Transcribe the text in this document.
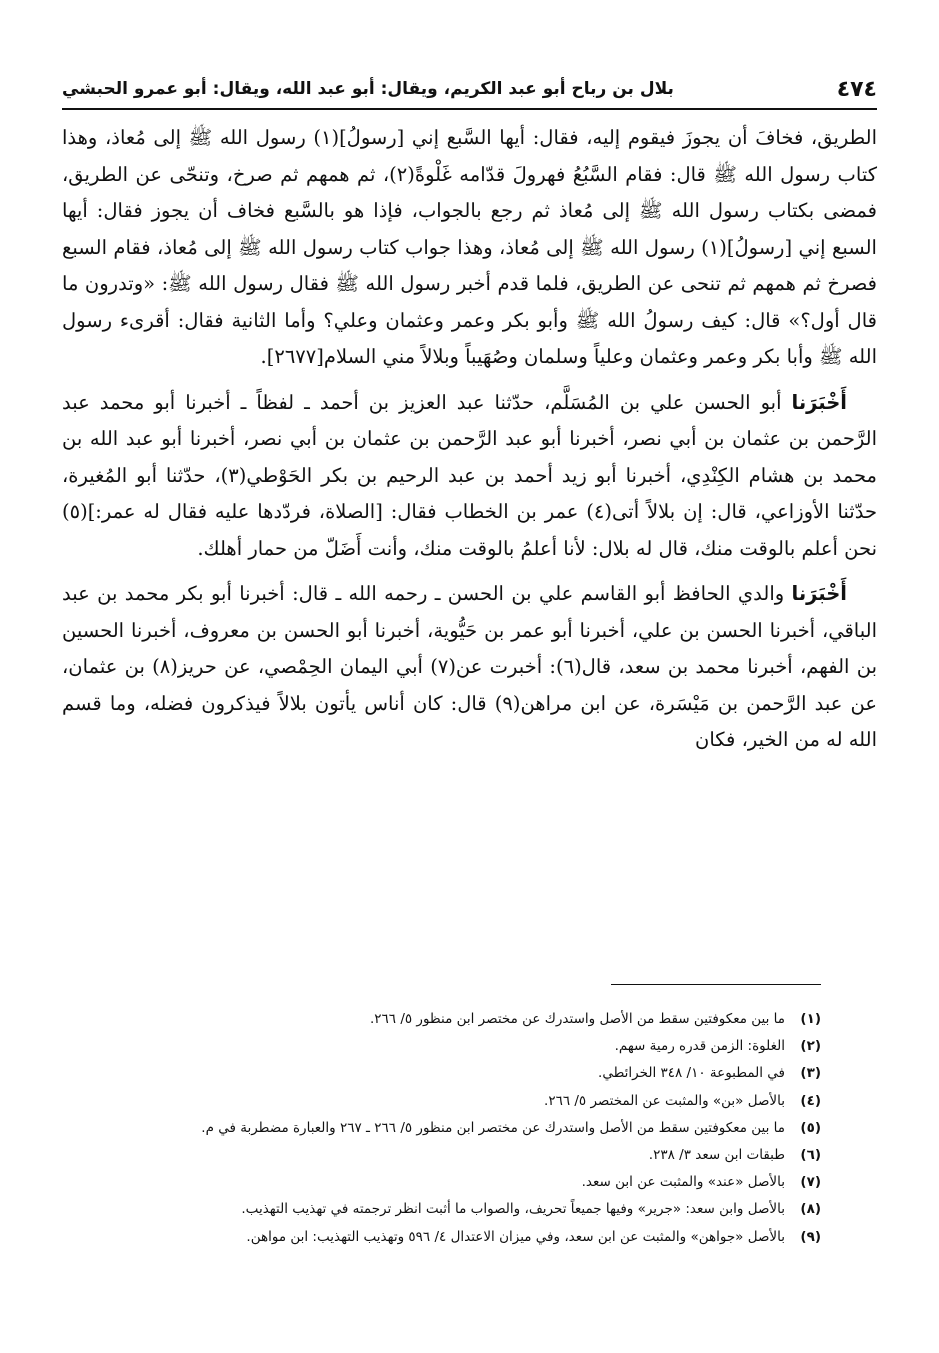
٤٧٤
بلال بن رباح أبو عبد الكريم، ويقال: أبو عبد الله، ويقال: أبو عمرو الحبشي

الطريق، فخافَ أن يجوزَ فيقوم إليه، فقال: أيها السَّبع إني [رسولُ](١) رسول الله ﷺ إلى مُعاذ، وهذا كتاب رسول الله ﷺ قال: فقام السَّبُعُ فهرولَ قدّامه غَلْوةً(٢)، ثم همهم ثم صرخ، وتنحّى عن الطريق، فمضى بكتاب رسول الله ﷺ إلى مُعاذ ثم رجع بالجواب، فإذا هو بالسَّبع فخاف أن يجوز فقال: أيها السبع إني [رسولُ](١) رسول الله ﷺ إلى مُعاذ، وهذا جواب كتاب رسول الله ﷺ إلى مُعاذ، فقام السبع فصرخ ثم همهم ثم تنحى عن الطريق، فلما قدم أخبر رسول الله ﷺ فقال رسول الله ﷺ: «وتدرون ما قال أول؟» قال: كيف رسولُ الله ﷺ وأبو بكر وعمر وعثمان وعلي؟ وأما الثانية فقال: أقرىء رسول الله ﷺ وأبا بكر وعمر وعثمان وعلياً وسلمان وصُهَيباً وبلالاً مني السلام[٢٦٧٧].

أَخْبَرَنا أبو الحسن علي بن المُسَلَّم، حدّثنا عبد العزيز بن أحمد ـ لفظاً ـ أخبرنا أبو محمد عبد الرَّحمن بن عثمان بن أبي نصر، أخبرنا أبو عبد الرَّحمن بن عثمان بن أبي نصر، أخبرنا أبو عبد الله بن محمد بن هشام الكِنْدِي، أخبرنا أبو زيد أحمد بن عبد الرحيم بن بكر الحَوْطي(٣)، حدّثنا أبو المُغيرة، حدّثنا الأوزاعي، قال: إن بلالاً أتى(٤) عمر بن الخطاب فقال: [الصلاة، فردّدها عليه فقال له عمر:](٥) نحن أعلم بالوقت منك، قال له بلال: لأنا أعلمُ بالوقت منك، وأنت أَضَلّ من حمار أهلك.

أَخْبَرَنا والدي الحافظ أبو القاسم علي بن الحسن ـ رحمه الله ـ قال: أخبرنا أبو بكر محمد بن عبد الباقي، أخبرنا الحسن بن علي، أخبرنا أبو عمر بن حَيُّوية، أخبرنا أبو الحسن بن معروف، أخبرنا الحسين بن الفهم، أخبرنا محمد بن سعد، قال(٦): أخبرت عن(٧) أبي اليمان الحِمْصي، عن حريز(٨) بن عثمان، عن عبد الرَّحمن بن مَيْسَرة، عن ابن مراهن(٩) قال: كان أناس يأتون بلالاً فيذكرون فضله، وما قسم الله له من الخير، فكان

(١)
ما بين معكوفتين سقط من الأصل واستدرك عن مختصر ابن منظور ٥/ ٢٦٦.
(٢)
الغلوة: الزمن قدره رمية سهم.
(٣)
في المطبوعة ١٠/ ٣٤٨ الخرائطي.
(٤)
بالأصل «بن» والمثبت عن المختصر ٥/ ٢٦٦.
(٥)
ما بين معكوفتين سقط من الأصل واستدرك عن مختصر ابن منظور ٥/ ٢٦٦ ـ ٢٦٧ والعبارة مضطربة في م.
(٦)
طبقات ابن سعد ٣/ ٢٣٨.
(٧)
بالأصل «عند» والمثبت عن ابن سعد.
(٨)
بالأصل وابن سعد: «جرير» وفيها جميعاً تحريف، والصواب ما أثبت انظر ترجمته في تهذيب التهذيب.
(٩)
بالأصل «جواهن» والمثبت عن ابن سعد، وفي ميزان الاعتدال ٤/ ٥٩٦ وتهذيب التهذيب: ابن مواهن.
